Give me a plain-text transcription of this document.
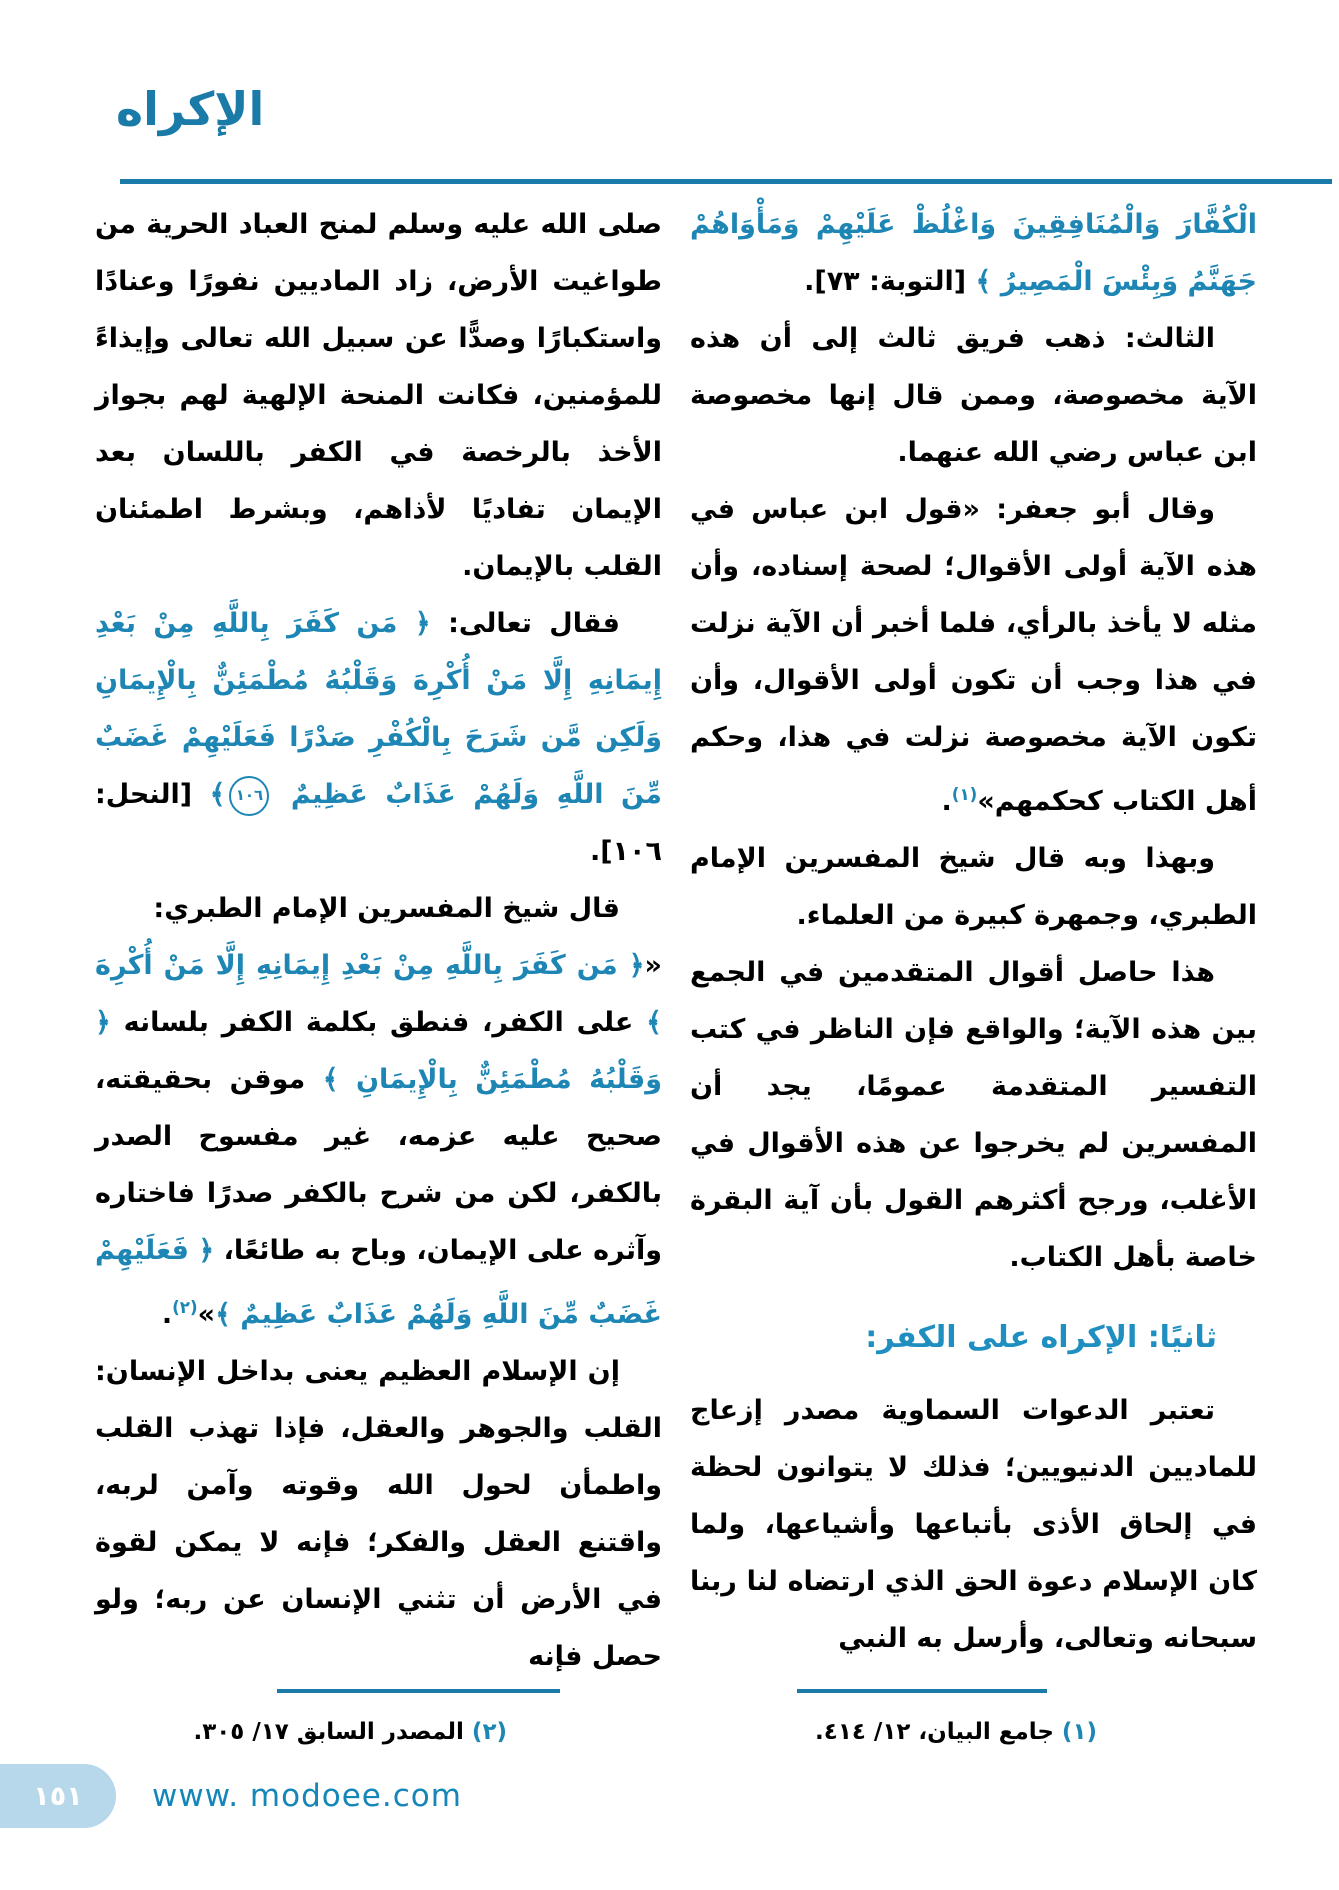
الإكراه

الْكُفَّارَ وَالْمُنَافِقِينَ وَاغْلُظْ عَلَيْهِمْ وَمَأْوَاهُمْ جَهَنَّمُ وَبِئْسَ الْمَصِيرُ ﴾ [التوبة: ٧٣].

الثالث: ذهب فريق ثالث إلى أن هذه الآية مخصوصة، وممن قال إنها مخصوصة ابن عباس رضي الله عنهما.

وقال أبو جعفر: «قول ابن عباس في هذه الآية أولى الأقوال؛ لصحة إسناده، وأن مثله لا يأخذ بالرأي، فلما أخبر أن الآية نزلت في هذا وجب أن تكون أولى الأقوال، وأن تكون الآية مخصوصة نزلت في هذا، وحكم أهل الكتاب كحكمهم»$^{(١)}$.

وبهذا وبه قال شيخ المفسرين الإمام الطبري، وجمهرة كبيرة من العلماء.

هذا حاصل أقوال المتقدمين في الجمع بين هذه الآية؛ والواقع فإن الناظر في كتب التفسير المتقدمة عمومًا، يجد أن المفسرين لم يخرجوا عن هذه الأقوال في الأغلب، ورجح أكثرهم القول بأن آية البقرة خاصة بأهل الكتاب.

ثانيًا: الإكراه على الكفر:

تعتبر الدعوات السماوية مصدر إزعاج للماديين الدنيويين؛ فذلك لا يتوانون لحظة في إلحاق الأذى بأتباعها وأشياعها، ولما كان الإسلام دعوة الحق الذي ارتضاه لنا ربنا سبحانه وتعالى، وأرسل به النبي

صلى الله عليه وسلم لمنح العباد الحرية من طواغيت الأرض، زاد الماديين نفورًا وعنادًا واستكبارًا وصدًّا عن سبيل الله تعالى وإيذاءً للمؤمنين، فكانت المنحة الإلهية لهم بجواز الأخذ بالرخصة في الكفر باللسان بعد الإيمان تفاديًا لأذاهم، وبشرط اطمئنان القلب بالإيمان.

فقال تعالى: ﴿ مَن كَفَرَ بِاللَّهِ مِنْ بَعْدِ إِيمَانِهِ إِلَّا مَنْ أُكْرِهَ وَقَلْبُهُ مُطْمَئِنٌّ بِالْإِيمَانِ وَلَكِن مَّن شَرَحَ بِالْكُفْرِ صَدْرًا فَعَلَيْهِمْ غَضَبٌ مِّنَ اللَّهِ وَلَهُمْ عَذَابٌ عَظِيمٌ
١٠٦
﴾ [النحل: ١٠٦].

قال شيخ المفسرين الإمام الطبري:

«﴿ مَن كَفَرَ بِاللَّهِ مِنْ بَعْدِ إِيمَانِهِ إِلَّا مَنْ أُكْرِهَ ﴾ على الكفر، فنطق بكلمة الكفر بلسانه ﴿ وَقَلْبُهُ مُطْمَئِنٌّ بِالْإِيمَانِ ﴾ موقن بحقيقته، صحيح عليه عزمه، غير مفسوح الصدر بالكفر، لكن من شرح بالكفر صدرًا فاختاره وآثره على الإيمان، وباح به طائعًا، ﴿ فَعَلَيْهِمْ غَضَبٌ مِّنَ اللَّهِ وَلَهُمْ عَذَابٌ عَظِيمٌ ﴾»$^{(٢)}$.

إن الإسلام العظيم يعنى بداخل الإنسان: القلب والجوهر والعقل، فإذا تهذب القلب واطمأن لحول الله وقوته وآمن لربه، واقتنع العقل والفكر؛ فإنه لا يمكن لقوة في الأرض أن تثني الإنسان عن ربه؛ ولو حصل فإنه

(١) جامع البيان، ١٢/ ٤١٤.
(٢) المصدر السابق ١٧/ ٣٠٥.
١٥١ www. modoee.com
